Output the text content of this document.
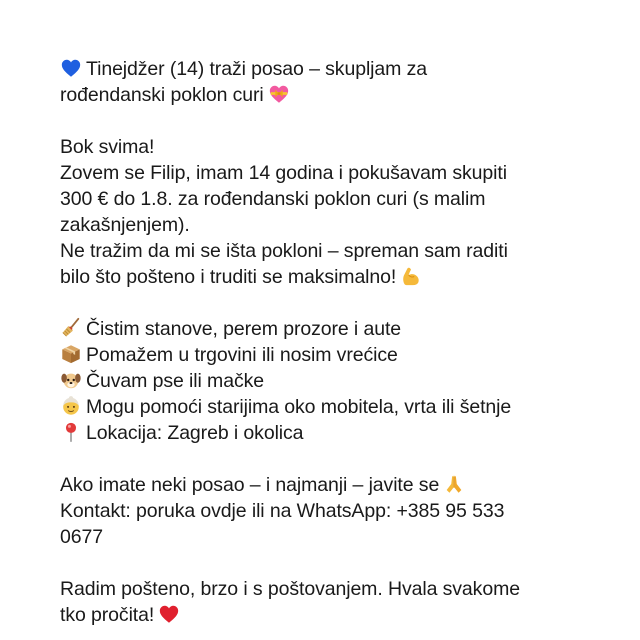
Tinejdžer (14) traži posao – skupljam za
rođendanski poklon curi
Bok svima!
Zovem se Filip, imam 14 godina i pokušavam skupiti
300 € do 1.8. za rođendanski poklon curi (s malim
zakašnjenjem).
Ne tražim da mi se išta pokloni – spreman sam raditi
bilo što pošteno i truditi se maksimalno!
Čistim stanove, perem prozore i aute
Pomažem u trgovini ili nosim vrećice
Čuvam pse ili mačke
Mogu pomoći starijima oko mobitela, vrta ili šetnje
Lokacija: Zagreb i okolica
Ako imate neki posao – i najmanji – javite se
Kontakt: poruka ovdje ili na WhatsApp: +385 95 533
0677
Radim pošteno, brzo i s poštovanjem. Hvala svakome
tko pročita!
